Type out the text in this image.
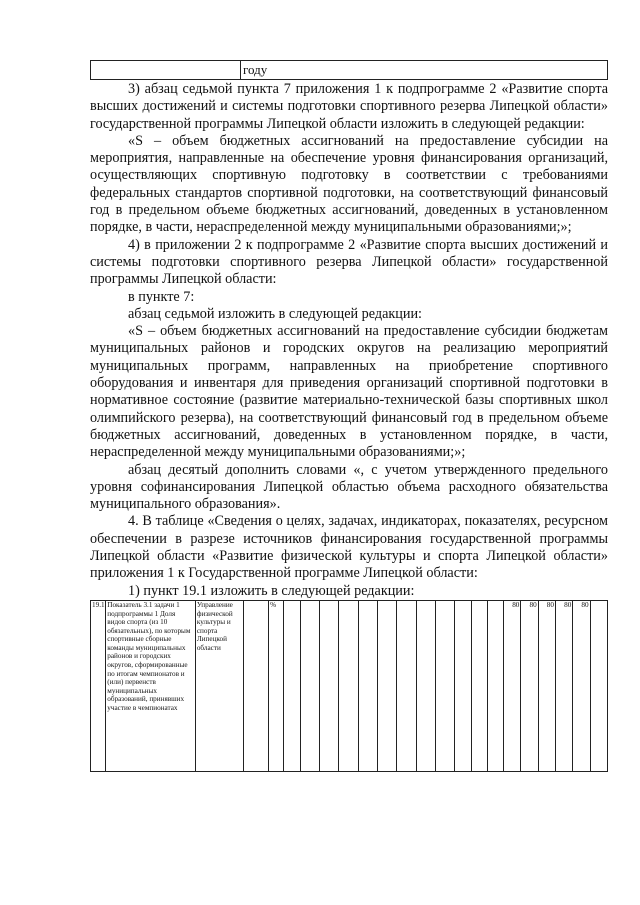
	году

3) абзац седьмой пункта 7 приложения 1 к подпрограмме 2 «Развитие спорта высших достижений и системы подготовки спортивного резерва Липецкой области» государственной программы Липецкой области изложить в следующей редакции:

«S – объем бюджетных ассигнований на предоставление субсидии на мероприятия, направленные на обеспечение уровня финансирования организаций, осуществляющих спортивную подготовку в соответствии с требованиями федеральных стандартов спортивной подготовки, на соответствующий финансовый год в предельном объеме бюджетных ассигнований, доведенных в установленном порядке, в части, нераспределенной между муниципальными образованиями;»;

4) в приложении 2 к подпрограмме 2 «Развитие спорта высших достижений и системы подготовки спортивного резерва Липецкой области» государственной программы Липецкой области:

в пункте 7:

абзац седьмой изложить в следующей редакции:

«S – объем бюджетных ассигнований на предоставление субсидии бюджетам муниципальных районов и городских округов на реализацию мероприятий муниципальных программ, направленных на приобретение спортивного оборудования и инвентаря для приведения организаций спортивной подготовки в нормативное состояние (развитие материально-технической базы спортивных школ олимпийского резерва), на соответствующий финансовый год в предельном объеме бюджетных ассигнований, доведенных в установленном порядке, в части, нераспределенной между муниципальными образованиями;»;

абзац десятый дополнить словами «, с учетом утвержденного предельного уровня софинансирования Липецкой областью объема расходного обязательства муниципального образования».

4. В таблице «Сведения о целях, задачах, индикаторах, показателях, ресурсном обеспечении в разрезе источников финансирования государственной программы Липецкой области «Развитие физической культуры и спорта Липецкой области» приложения 1 к Государственной программе Липецкой области:

1) пункт 19.1 изложить в следующей редакции:

19.1	Показатель 3.1 задачи 1 подпрограммы 1 Доля видов спорта (из 10 обязательных), по которым спортивные сборные команды муниципальных районов и городских округов, сформированные по итогам чемпионатов и (или) первенств муниципальных образований, принявших участие в чемпионатах	Управление физической культуры и спорта Липецкой области		%													80	80	80	80	80	
